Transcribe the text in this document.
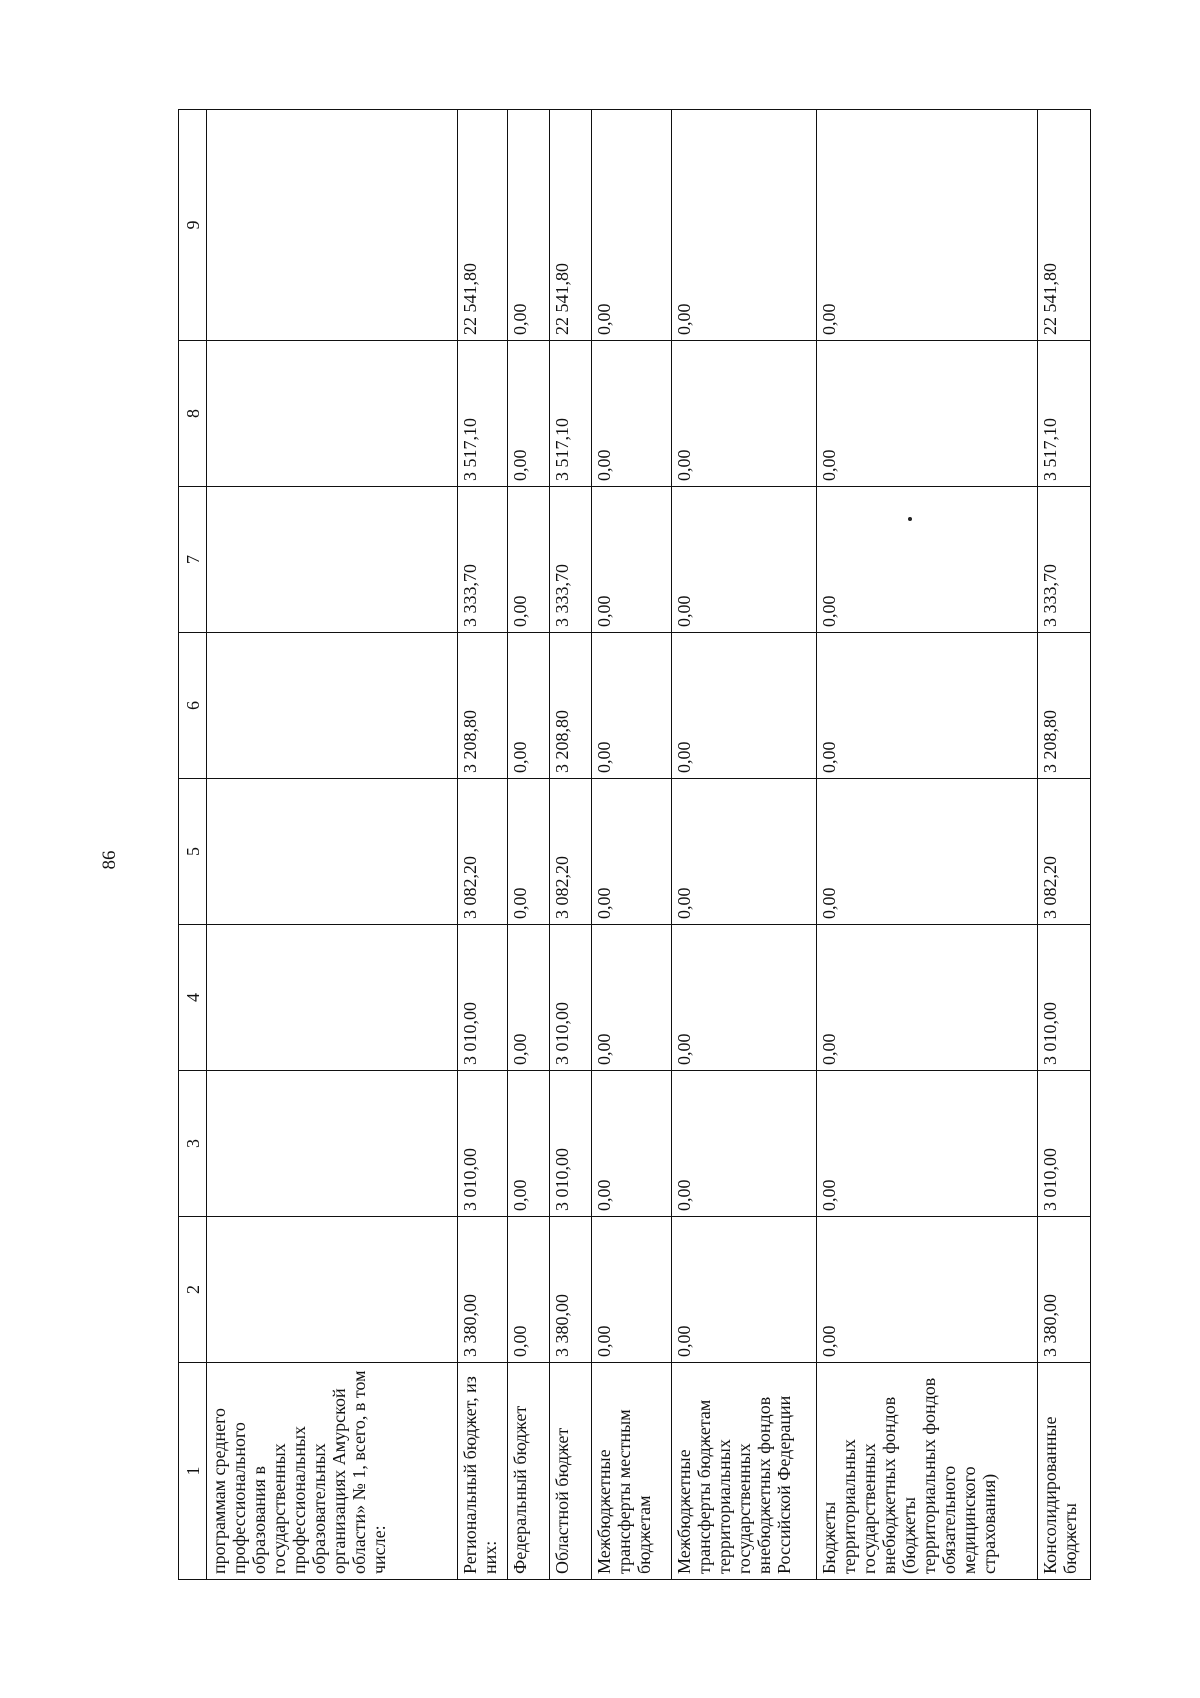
86
1	2	3	4	5	6	7	8	9
программам среднего профессионального образования в государственных профессиональных образовательных организациях Амурской области» № 1, всего, в том числе:								
Региональный бюджет, из них:	3 380,00	3 010,00	3 010,00	3 082,20	3 208,80	3 333,70	3 517,10	22 541,80
Федеральный бюджет	0,00	0,00	0,00	0,00	0,00	0,00	0,00	0,00
Областной бюджет	3 380,00	3 010,00	3 010,00	3 082,20	3 208,80	3 333,70	3 517,10	22 541,80
Межбюджетные трансферты местным бюджетам	0,00	0,00	0,00	0,00	0,00	0,00	0,00	0,00
Межбюджетные трансферты бюджетам территориальных государственных внебюджетных фондов Российской Федерации	0,00	0,00	0,00	0,00	0,00	0,00	0,00	0,00
Бюджеты территориальных государственных внебюджетных фондов (бюджеты территориальных фондов обязательного медицинского страхования)	0,00	0,00	0,00	0,00	0,00	0,00	0,00	0,00
Консолидированные бюджеты	3 380,00	3 010,00	3 010,00	3 082,20	3 208,80	3 333,70	3 517,10	22 541,80
